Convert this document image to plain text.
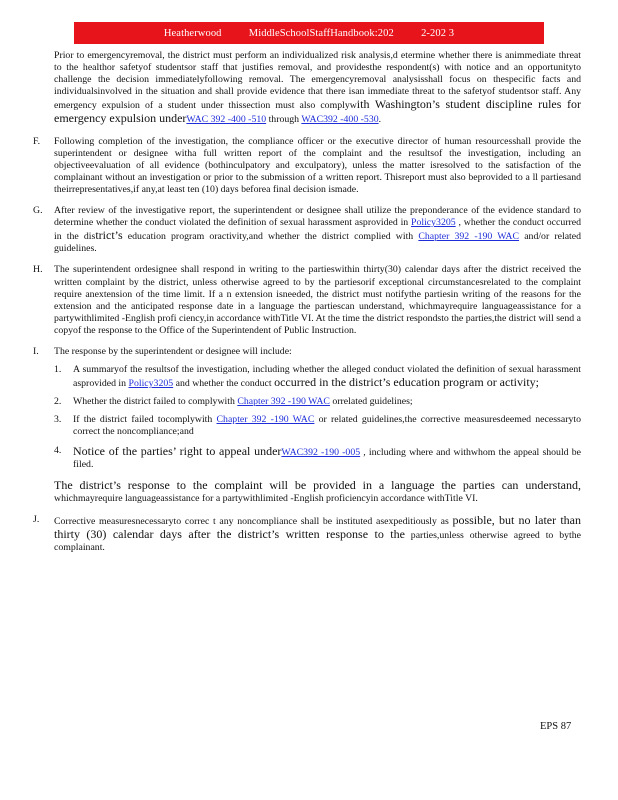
Heatherwood
	MiddleSchoolStaffHandbook:202
	2-202 3
Prior to emergencyremoval, the district must perform an individualized risk analysis,d etermine whether there is animmediate threat to the healthor safetyof studentsor staff that justifies removal, and providesthe respondent(s) with notice and an opportunityto challenge the decision immediatelyfollowing removal. The emergencyremoval analysisshall focus on thespecific facts and individualsinvolved in the situation and shall provide evidence that there isan immediate threat to the safetyof studentsor staff. Any emergency expulsion of a student under thissection must also complywith Washington’s student discipline rules for emergency expulsion underWAC 392 -400 -510 through WAC392 -400 -530.
F.	Following completion of the investigation, the compliance officer or the executive director of human resourcesshall provide the superintendent or designee witha full written report of the complaint and the resultsof the investigation, including an objectiveevaluation of all evidence (bothinculpatory and exculpatory), unless the matter isresolved to the satisfaction of the complainant without an investigation or prior to the submission of a written report. Thisreport must also beprovided to a ll partiesand theirrepresentatives,if any,at least ten (10) days beforea final decision ismade.
G.	After review of the investigative report, the superintendent or designee shall utilize the preponderance of the evidence standard to determine whether the conduct violated the definition of sexual harassment asprovided in Policy3205 , whether the conduct occurred in the district’s education program oractivity,and whether the district complied with Chapter 392 -190 WAC and/or related guidelines.
H.	The superintendent ordesignee shall respond in writing to the partieswithin thirty(30) calendar days after the district received the written complaint by the district, unless otherwise agreed to by the partiesorif exceptional circumstancesrelated to the complaint require anextension of the time limit. If a n extension isneeded, the district must notifythe partiesin writing of the reasons for the extension and the anticipated response date in a language the partiescan understand, whichmayrequire languageassistance for a partywithlimited -English profi ciency,in accordance withTitle VI. At the time the district respondsto the parties,the district will send a copyof the response to the Office of the Superintendent of Public Instruction.
I.	The response by the superintendent or designee will include:
1.	A summaryof the resultsof the investigation, including whether the alleged conduct violated the definition of sexual harassment asprovided in Policy3205 and whether the conduct occurred in the district’s education program or activity;
2.	Whether the district failed to complywith Chapter 392 -190 WAC orrelated guidelines;
3.	If the district failed tocomplywith Chapter 392 -190 WAC or related guidelines,the corrective measuresdeemed necessaryto correct the noncompliance;and
4. Notice of the parties’ right to appeal underWAC392 -190 -005 , including where and withwhom the appeal should be filed.
The district’s response to the complaint will be provided in a language the parties can understand, whichmayrequire languageassistance for a partywithlimited -English proficiencyin accordance withTitle VI.
J.	Corrective measuresnecessaryto correc t any noncompliance shall be instituted asexpeditiously as possible, but no later than thirty (30) calendar days after the district’s written response to the parties,unless otherwise agreed to bythe complainant.
EPS 87
